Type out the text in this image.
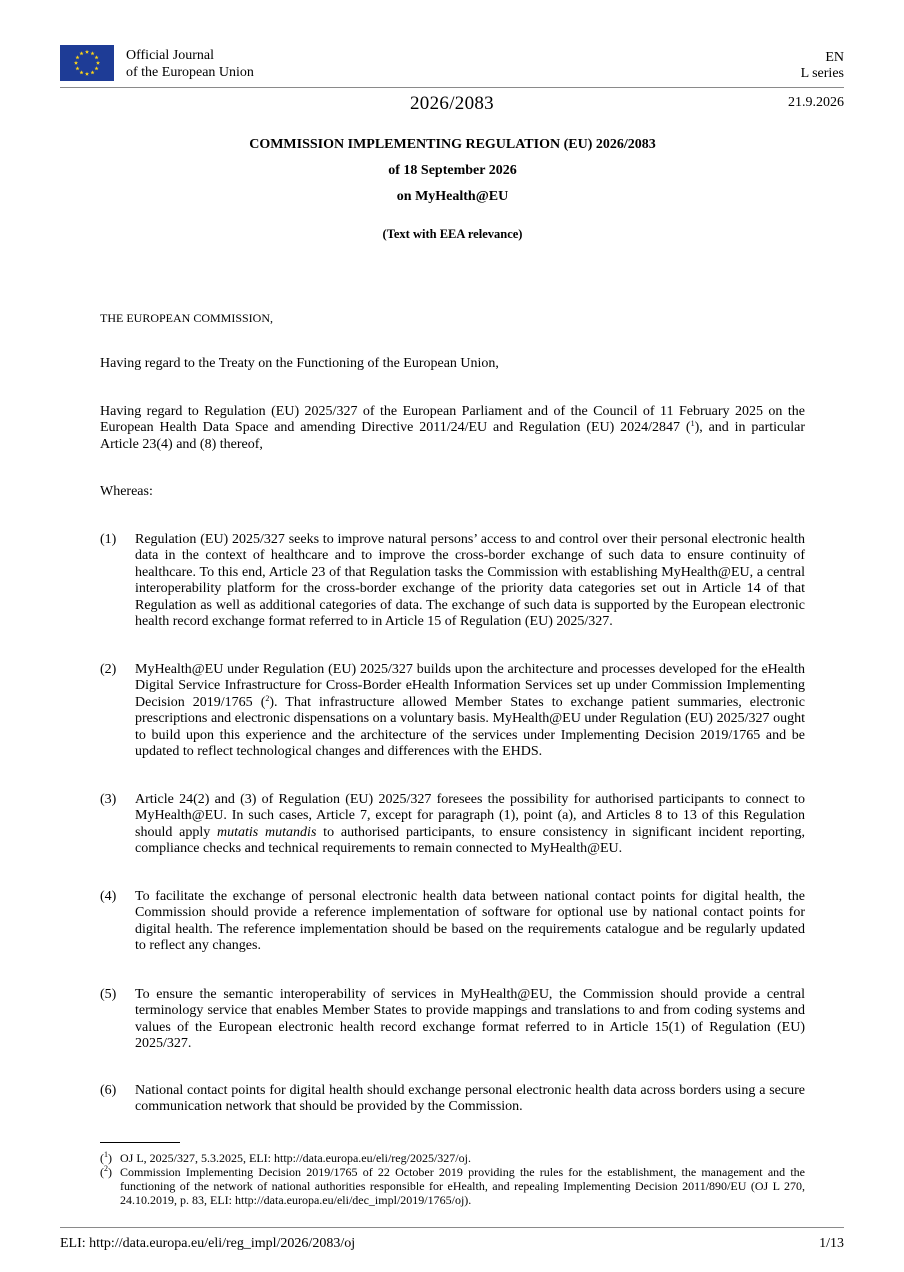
Official Journal
of the European Union
EN
L series
2026/2083	21.9.2026
COMMISSION IMPLEMENTING REGULATION (EU) 2026/2083
of 18 September 2026
on MyHealth@EU
(Text with EEA relevance)
THE EUROPEAN COMMISSION,
Having regard to the Treaty on the Functioning of the European Union,
Having regard to Regulation (EU) 2025/327 of the European Parliament and of the Council of 11 February 2025 on the European Health Data Space and amending Directive 2011/24/EU and Regulation (EU) 2024/2847 ($^1$), and in particular Article 23(4) and (8) thereof,
Whereas:
(1)	Regulation (EU) 2025/327 seeks to improve natural persons’ access to and control over their personal electronic health data in the context of healthcare and to improve the cross-border exchange of such data to ensure continuity of healthcare. To this end, Article 23 of that Regulation tasks the Commission with establishing MyHealth@EU, a central interoperability platform for the cross-border exchange of the priority data categories set out in Article 14 of that Regulation as well as additional categories of data. The exchange of such data is supported by the European electronic health record exchange format referred to in Article 15 of Regulation (EU) 2025/327.
(2)	MyHealth@EU under Regulation (EU) 2025/327 builds upon the architecture and processes developed for the eHealth Digital Service Infrastructure for Cross-Border eHealth Information Services set up under Commission Implementing Decision 2019/1765 ($^2$). That infrastructure allowed Member States to exchange patient summaries, electronic prescriptions and electronic dispensations on a voluntary basis. MyHealth@EU under Regulation (EU) 2025/327 ought to build upon this experience and the architecture of the services under Implementing Decision 2019/1765 and be updated to reflect technological changes and differences with the EHDS.
(3)	Article 24(2) and (3) of Regulation (EU) 2025/327 foresees the possibility for authorised participants to connect to MyHealth@EU. In such cases, Article 7, except for paragraph (1), point (a), and Articles 8 to 13 of this Regulation should apply mutatis mutandis to authorised participants, to ensure consistency in significant incident reporting, compliance checks and technical requirements to remain connected to MyHealth@EU.
(4)	To facilitate the exchange of personal electronic health data between national contact points for digital health, the Commission should provide a reference implementation of software for optional use by national contact points for digital health. The reference implementation should be based on the requirements catalogue and be regularly updated to reflect any changes.
(5)	To ensure the semantic interoperability of services in MyHealth@EU, the Commission should provide a central terminology service that enables Member States to provide mappings and translations to and from coding systems and values of the European electronic health record exchange format referred to in Article 15(1) of Regulation (EU) 2025/327.
(6)	National contact points for digital health should exchange personal electronic health data across borders using a secure communication network that should be provided by the Commission.
($^1$) OJ L, 2025/327, 5.3.2025, ELI: http://data.europa.eu/eli/reg/2025/327/oj.
($^2$) Commission Implementing Decision 2019/1765 of 22 October 2019 providing the rules for the establishment, the management and the functioning of the network of national authorities responsible for eHealth, and repealing Implementing Decision 2011/890/EU (OJ L 270, 24.10.2019, p. 83, ELI: http://data.europa.eu/eli/dec_impl/2019/1765/oj).
ELI: http://data.europa.eu/eli/reg_impl/2026/2083/oj	1/13
